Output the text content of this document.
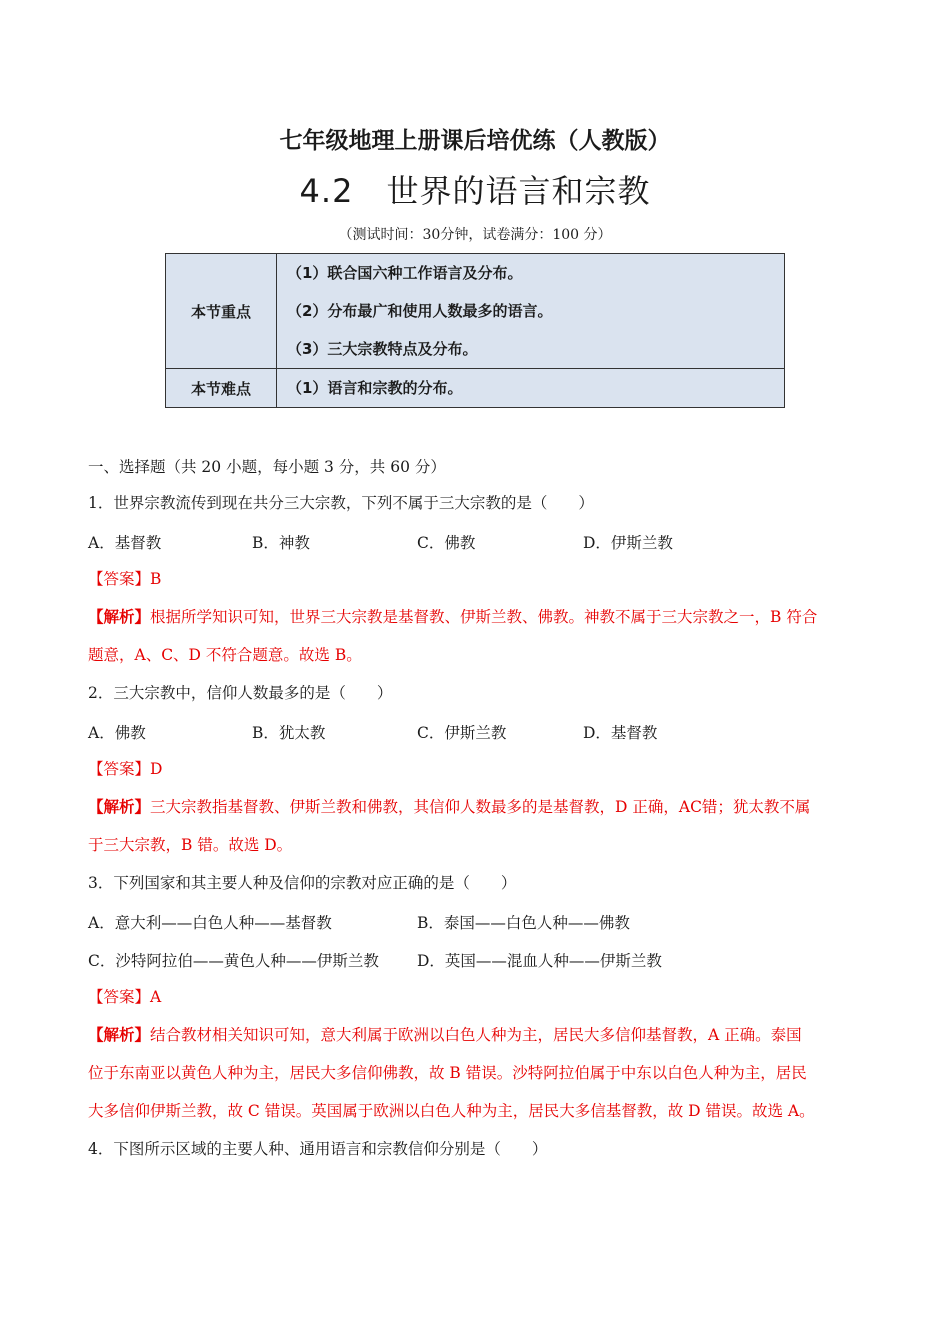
七年级地理上册课后培优练（人教版）
4.2　世界的语言和宗教
（测试时间：30分钟，试卷满分：100 分）
本节重点	（1）联合国六种工作语言及分布。
（2）分布最广和使用人数最多的语言。
（3）三大宗教特点及分布。

本节难点	（1）语言和宗教的分布。
一、选择题（共 20 小题，每小题 3 分，共 60 分）
1．世界宗教流传到现在共分三大宗教，下列不属于三大宗教的是（　　）
A．基督教	B．神教	C．佛教	D．伊斯兰教
【答案】B
【解析】根据所学知识可知，世界三大宗教是基督教、伊斯兰教、佛教。神教不属于三大宗教之一，B 符合
题意，A、C、D 不符合题意。故选 B。
2．三大宗教中，信仰人数最多的是（　　）
A．佛教	B．犹太教	C．伊斯兰教	D．基督教
【答案】D
【解析】三大宗教指基督教、伊斯兰教和佛教，其信仰人数最多的是基督教，D 正确，AC错；犹太教不属
于三大宗教，B 错。故选 D。
3．下列国家和其主要人种及信仰的宗教对应正确的是（　　）
A．意大利——白色人种——基督教	B．泰国——白色人种——佛教
C．沙特阿拉伯——黄色人种——伊斯兰教 D．英国——混血人种——伊斯兰教
【答案】A
【解析】结合教材相关知识可知，意大利属于欧洲以白色人种为主，居民大多信仰基督教，A 正确。泰国
位于东南亚以黄色人种为主，居民大多信仰佛教，故 B 错误。沙特阿拉伯属于中东以白色人种为主，居民
大多信仰伊斯兰教，故 C 错误。英国属于欧洲以白色人种为主，居民大多信基督教，故 D 错误。故选 A。
4．下图所示区域的主要人种、通用语言和宗教信仰分别是（　　）
